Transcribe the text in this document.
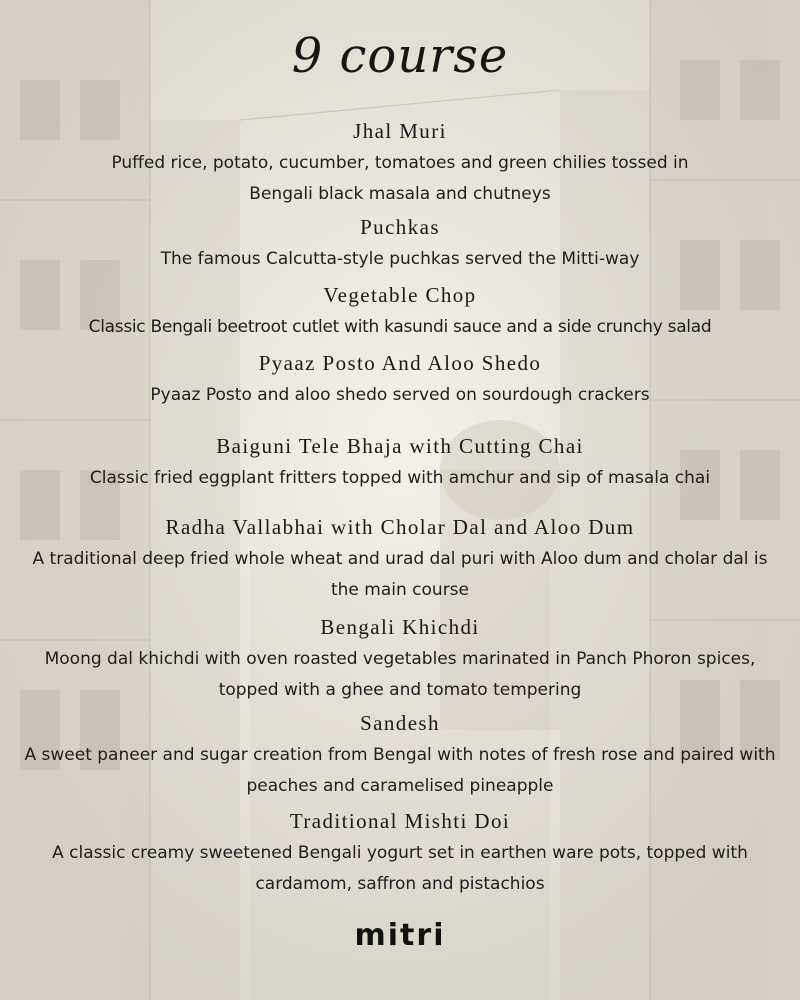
9 course
Jhal Muri
Puffed rice, potato, cucumber, tomatoes and green chilies tossed in Bengali black masala and chutneys
Puchkas
The famous Calcutta-style puchkas served the Mitti-way
Vegetable Chop
Classic Bengali beetroot cutlet with kasundi sauce and a side crunchy salad
Pyaaz Posto And Aloo Shedo
Pyaaz Posto and aloo shedo served on sourdough crackers
Baiguni Tele Bhaja with Cutting Chai
Classic fried eggplant fritters topped with amchur and sip of masala chai
Radha Vallabhai with Cholar Dal and Aloo Dum
A traditional deep fried whole wheat and urad dal puri with Aloo dum and cholar dal is the main course
Bengali Khichdi
Moong dal khichdi with oven roasted vegetables marinated in Panch Phoron spices, topped with a ghee and tomato tempering
Sandesh
A sweet paneer and sugar creation from Bengal with notes of fresh rose and paired with peaches and caramelised pineapple
Traditional Mishti Doi
A classic creamy sweetened Bengali yogurt set in earthen ware pots, topped with cardamom, saffron and pistachios
mitri
